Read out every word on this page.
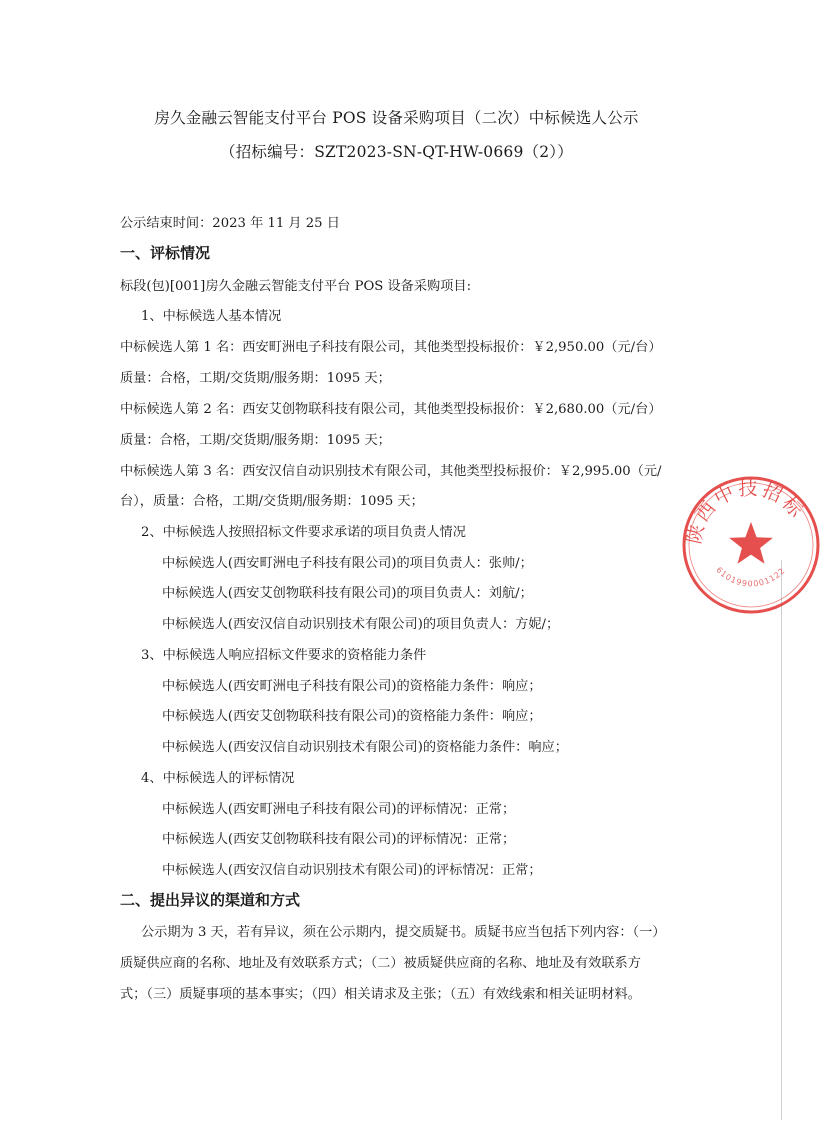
房久金融云智能支付平台 POS 设备采购项目（二次）中标候选人公示
（招标编号：SZT2023-SN-QT-HW-0669（2））
公示结束时间：2023 年 11 月 25 日
一、评标情况
标段(包)[001]房久金融云智能支付平台 POS 设备采购项目:
1、中标候选人基本情况
中标候选人第 1 名：西安町洲电子科技有限公司，其他类型投标报价：￥2,950.00（元/台）
质量：合格，工期/交货期/服务期：1095 天；
中标候选人第 2 名：西安艾创物联科技有限公司，其他类型投标报价：￥2,680.00（元/台）
质量：合格，工期/交货期/服务期：1095 天；
中标候选人第 3 名：西安汉信自动识别技术有限公司，其他类型投标报价：￥2,995.00（元/
台），质量：合格，工期/交货期/服务期：1095 天；
2、中标候选人按照招标文件要求承诺的项目负责人情况
中标候选人(西安町洲电子科技有限公司)的项目负责人：张帅/；
中标候选人(西安艾创物联科技有限公司)的项目负责人：刘航/；
中标候选人(西安汉信自动识别技术有限公司)的项目负责人：方妮/；
3、中标候选人响应招标文件要求的资格能力条件
中标候选人(西安町洲电子科技有限公司)的资格能力条件：响应；
中标候选人(西安艾创物联科技有限公司)的资格能力条件：响应；
中标候选人(西安汉信自动识别技术有限公司)的资格能力条件：响应；
4、中标候选人的评标情况
中标候选人(西安町洲电子科技有限公司)的评标情况：正常；
中标候选人(西安艾创物联科技有限公司)的评标情况：正常；
中标候选人(西安汉信自动识别技术有限公司)的评标情况：正常；
二、提出异议的渠道和方式
公示期为 3 天，若有异议，须在公示期内，提交质疑书。质疑书应当包括下列内容：（一）
质疑供应商的名称、地址及有效联系方式；（二）被质疑供应商的名称、地址及有效联系方
式；（三）质疑事项的基本事实；（四）相关请求及主张；（五）有效线索和相关证明材料。
陕西中技招标
6101990001122
